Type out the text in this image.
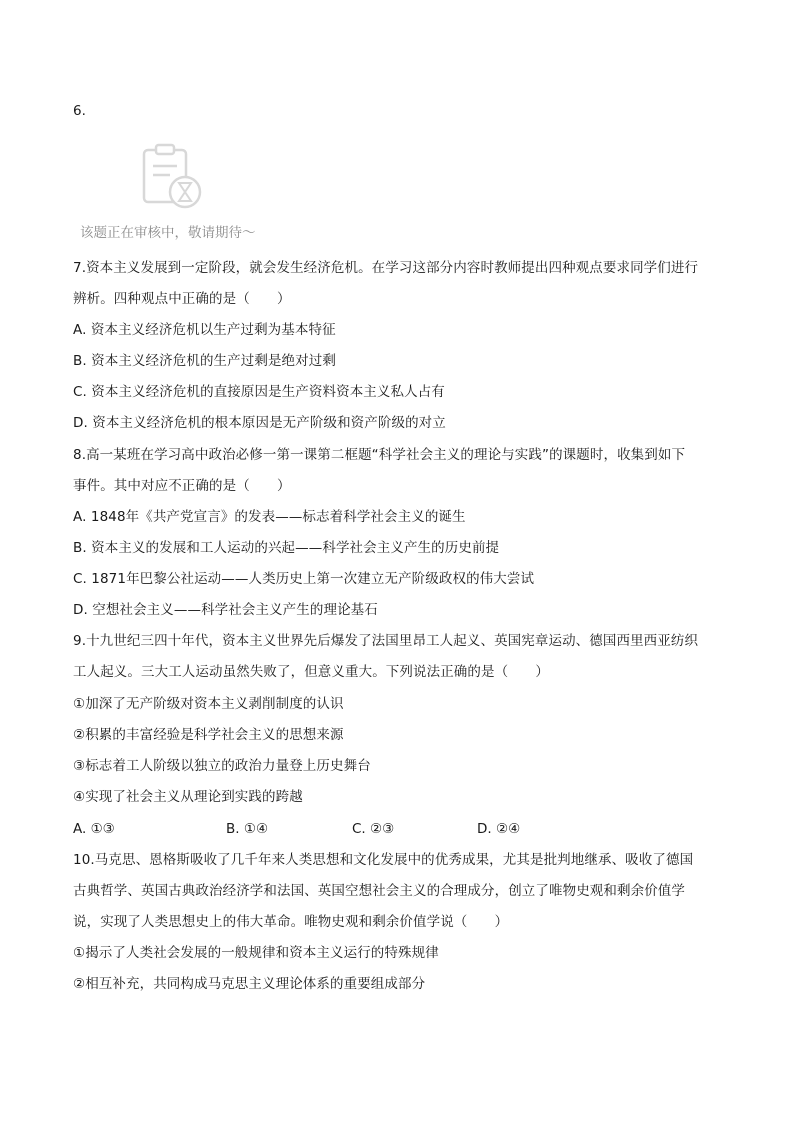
6.
该题正在审核中，敬请期待～
7.资本主义发展到一定阶段，就会发生经济危机。在学习这部分内容时教师提出四种观点要求同学们进行
辨析。四种观点中正确的是（　　）
A. 资本主义经济危机以生产过剩为基本特征
B. 资本主义经济危机的生产过剩是绝对过剩
C. 资本主义经济危机的直接原因是生产资料资本主义私人占有
D. 资本主义经济危机的根本原因是无产阶级和资产阶级的对立
8.高一某班在学习高中政治必修一第一课第二框题“科学社会主义的理论与实践”的课题时，收集到如下
事件。其中对应不正确的是（　　）
A. 1848年《共产党宣言》的发表——标志着科学社会主义的诞生
B. 资本主义的发展和工人运动的兴起——科学社会主义产生的历史前提
C. 1871年巴黎公社运动——人类历史上第一次建立无产阶级政权的伟大尝试
D. 空想社会主义——科学社会主义产生的理论基石
9.十九世纪三四十年代，资本主义世界先后爆发了法国里昂工人起义、英国宪章运动、德国西里西亚纺织
工人起义。三大工人运动虽然失败了，但意义重大。下列说法正确的是（　　）
①加深了无产阶级对资本主义剥削制度的认识
②积累的丰富经验是科学社会主义的思想来源
③标志着工人阶级以独立的政治力量登上历史舞台
④实现了社会主义从理论到实践的跨越
A. ①③	B. ①④	C. ②③	D. ②④
10.马克思、恩格斯吸收了几千年来人类思想和文化发展中的优秀成果，尤其是批判地继承、吸收了德国
古典哲学、英国古典政治经济学和法国、英国空想社会主义的合理成分，创立了唯物史观和剩余价值学
说，实现了人类思想史上的伟大革命。唯物史观和剩余价值学说（　　）
①揭示了人类社会发展的一般规律和资本主义运行的特殊规律
②相互补充，共同构成马克思主义理论体系的重要组成部分
